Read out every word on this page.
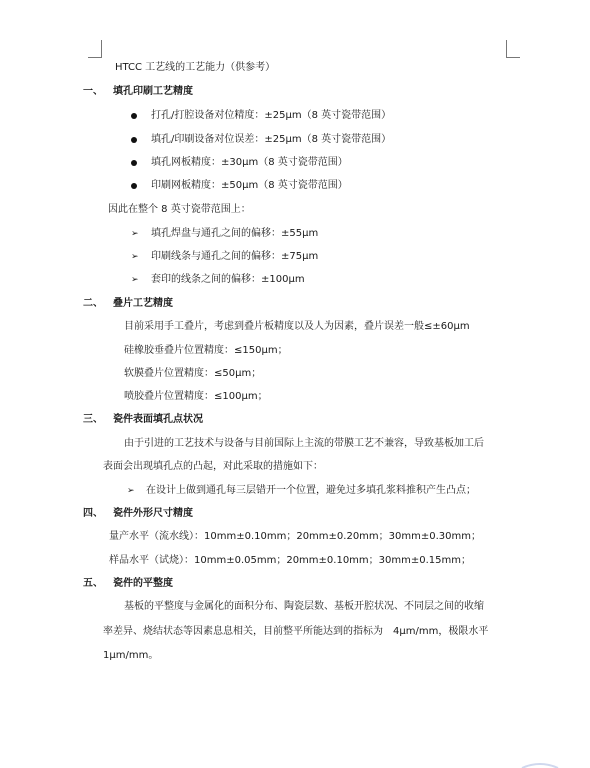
HTCC 工艺线的工艺能力（供参考）
一、 填孔印刷工艺精度
打孔/打腔设备对位精度：±25μm（8 英寸瓷带范围）
填孔/印刷设备对位误差：±25μm（8 英寸瓷带范围）
填孔网板精度：±30μm（8 英寸瓷带范围）
印刷网板精度：±50μm（8 英寸瓷带范围）
因此在整个 8 英寸瓷带范围上：
➢ 填孔焊盘与通孔之间的偏移：±55μm
➢ 印刷线条与通孔之间的偏移：±75μm
➢ 套印的线条之间的偏移：±100μm
二、 叠片工艺精度
目前采用手工叠片，考虑到叠片板精度以及人为因素，叠片误差一般≤±60μm
硅橡胶垂叠片位置精度：≤150μm；
软膜叠片位置精度：≤50μm；
喷胶叠片位置精度：≤100μm；
三、 瓷件表面填孔点状况
由于引进的工艺技术与设备与目前国际上主流的带膜工艺不兼容，导致基板加工后
表面会出现填孔点的凸起，对此采取的措施如下：
➢ 在设计上做到通孔每三层错开一个位置，避免过多填孔浆料推积产生凸点；
四、 瓷件外形尺寸精度
量产水平（流水线）：10mm±0.10mm；20mm±0.20mm；30mm±0.30mm；
样品水平（试烧）：10mm±0.05mm；20mm±0.10mm；30mm±0.15mm；
五、 瓷件的平整度
基板的平整度与金属化的面积分布、陶瓷层数、基板开腔状况、不同层之间的收缩
率差异、烧结状态等因素息息相关，目前整平所能达到的指标为　4μm/mm，极限水平
1μm/mm。
